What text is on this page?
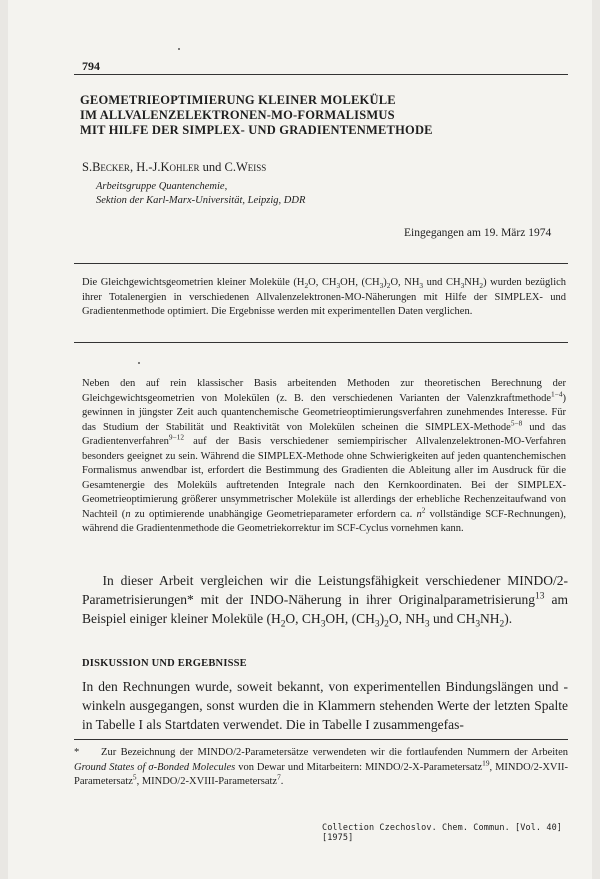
794
GEOMETRIEOPTIMIERUNG KLEINER MOLEKÜLE
IM ALLVALENZELEKTRONEN-MO-FORMALISMUS
MIT HILFE DER SIMPLEX- UND GRADIENTENMETHODE
S.Becker, H.-J.Kohler und C.Weiss
Arbeitsgruppe Quantenchemie,
Sektion der Karl-Marx-Universität, Leipzig, DDR
Eingegangen am 19. März 1974
Die Gleichgewichtsgeometrien kleiner Moleküle ($H_2O$, $CH_3OH$, $(CH_3)_2O$, $NH_3$ und $CH_3NH_2$) wurden bezüglich ihrer Totalenergien in verschiedenen Allvalenzelektronen-MO-Näherungen mit Hilfe der SIMPLEX- und Gradientenmethode optimiert. Die Ergebnisse werden mit experimentellen Daten verglichen.
Neben den auf rein klassischer Basis arbeitenden Methoden zur theoretischen Berechnung der Gleichgewichtsgeometrien von Molekülen (z. B. den verschiedenen Varianten der Valenzkraftmethode$^{1-4}$) gewinnen in jüngster Zeit auch quantenchemische Geometrieoptimierungsverfahren zunehmendes Interesse. Für das Studium der Stabilität und Reaktivität von Molekülen scheinen die SIMPLEX-Methode$^{5-8}$ und das Gradientenverfahren$^{9-12}$ auf der Basis verschiedener semiempirischer Allvalenzelektronen-MO-Verfahren besonders geeignet zu sein. Während die SIMPLEX-Methode ohne Schwierigkeiten auf jeden quantenchemischen Formalismus anwendbar ist, erfordert die Bestimmung des Gradienten die Ableitung aller im Ausdruck für die Gesamtenergie des Moleküls auftretenden Integrale nach den Kernkoordinaten. Bei der SIMPLEX-Geometrieoptimierung größerer unsymmetrischer Moleküle ist allerdings der erhebliche Rechenzeitaufwand von Nachteil (n zu optimierende unabhängige Geometrieparameter erfordern ca. $n^2$ vollständige SCF-Rechnungen), während die Gradientenmethode die Geometriekorrektur im SCF-Cyclus vornehmen kann.
In dieser Arbeit vergleichen wir die Leistungsfähigkeit verschiedener MINDO/2-Parametrisierungen* mit der INDO-Näherung in ihrer Originalparametrisierung$^{13}$ am Beispiel einiger kleiner Moleküle ($H_2O$, $CH_3OH$, $(CH_3)_2O$, $NH_3$ und $CH_3NH_2$).
DISKUSSION UND ERGEBNISSE
In den Rechnungen wurde, soweit bekannt, von experimentellen Bindungslängen und -winkeln ausgegangen, sonst wurden die in Klammern stehenden Werte der letzten Spalte in Tabelle I als Startdaten verwendet. Die in Tabelle I zusammengefas-
*     Zur Bezeichnung der MINDO/2-Parametersätze verwendeten wir die fortlaufenden Nummern der Arbeiten Ground States of σ-Bonded Molecules von Dewar und Mitarbeitern: MINDO/2-X-Parametersatz$^{19}$, MINDO/2-XVII-Parametersatz$^5$, MINDO/2-XVIII-Parametersatz$^7$.
Collection Czechoslov. Chem. Commun. [Vol. 40] [1975]
